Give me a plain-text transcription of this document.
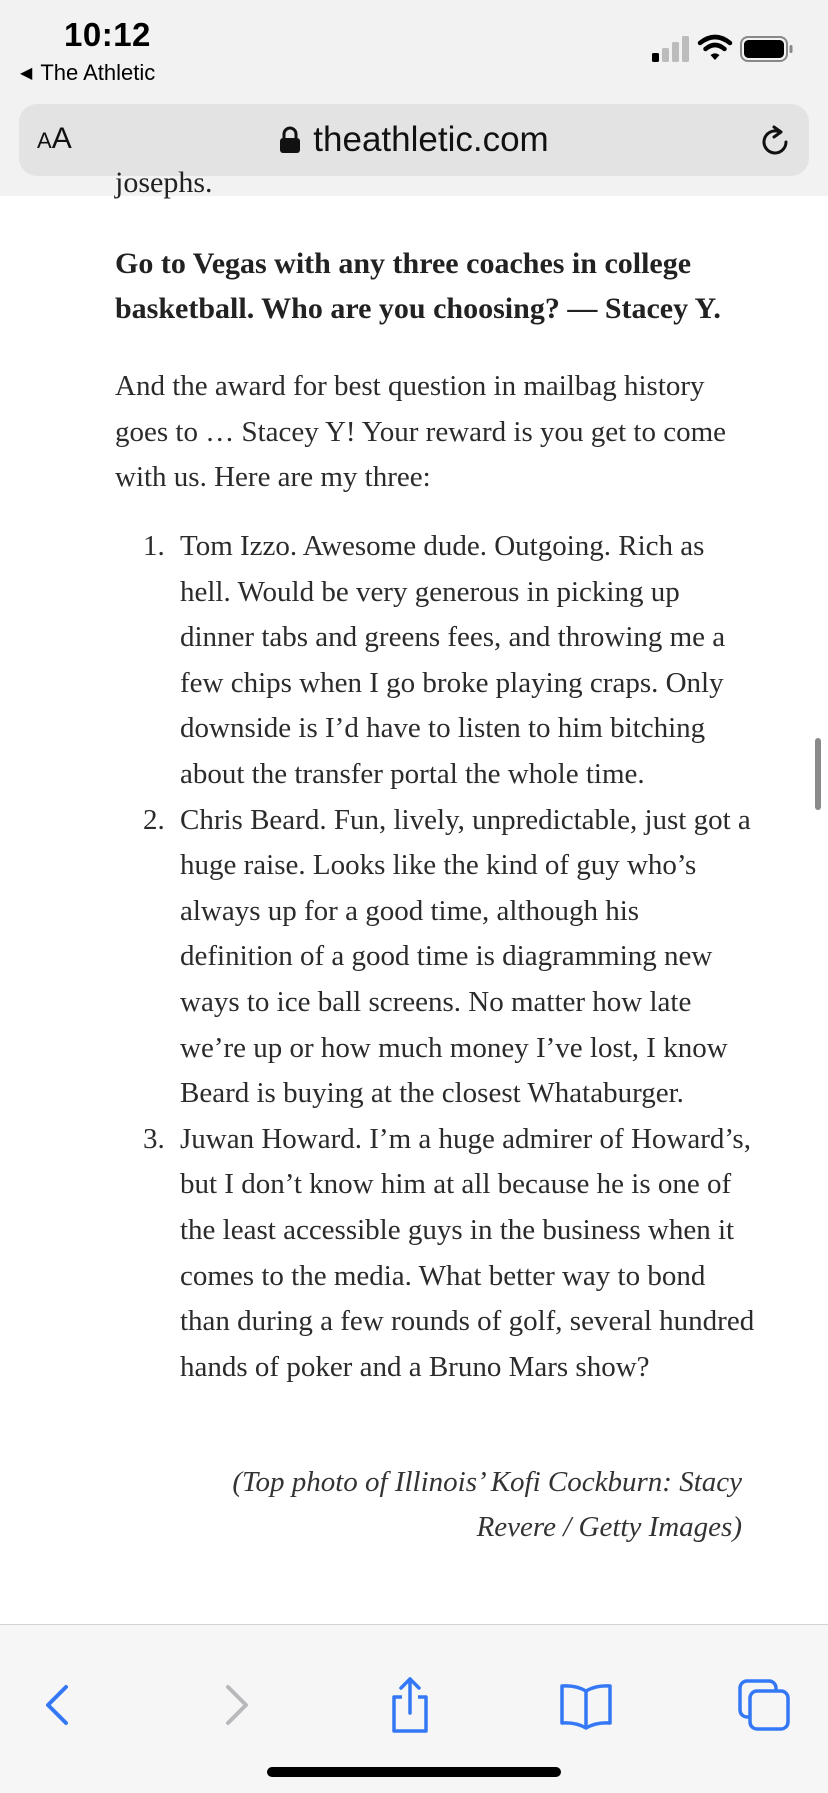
10:12
◀ The Athletic
AA	theathletic.com
josephs.
Go to Vegas with any three coaches in college basketball. Who are you choosing? — Stacey Y.
And the award for best question in mailbag history goes to … Stacey Y! Your reward is you get to come with us. Here are my three:
1. Tom Izzo. Awesome dude. Outgoing. Rich as hell. Would be very generous in picking up dinner tabs and greens fees, and throwing me a few chips when I go broke playing craps. Only downside is I’d have to listen to him bitching about the transfer portal the whole time.
2. Chris Beard. Fun, lively, unpredictable, just got a huge raise. Looks like the kind of guy who’s always up for a good time, although his definition of a good time is diagramming new ways to ice ball screens. No matter how late we’re up or how much money I’ve lost, I know Beard is buying at the closest Whataburger.
3. Juwan Howard. I’m a huge admirer of Howard’s, but I don’t know him at all because he is one of the least accessible guys in the business when it comes to the media. What better way to bond than during a few rounds of golf, several hundred hands of poker and a Bruno Mars show?
(Top photo of Illinois’ Kofi Cockburn: Stacy Revere / Getty Images)
